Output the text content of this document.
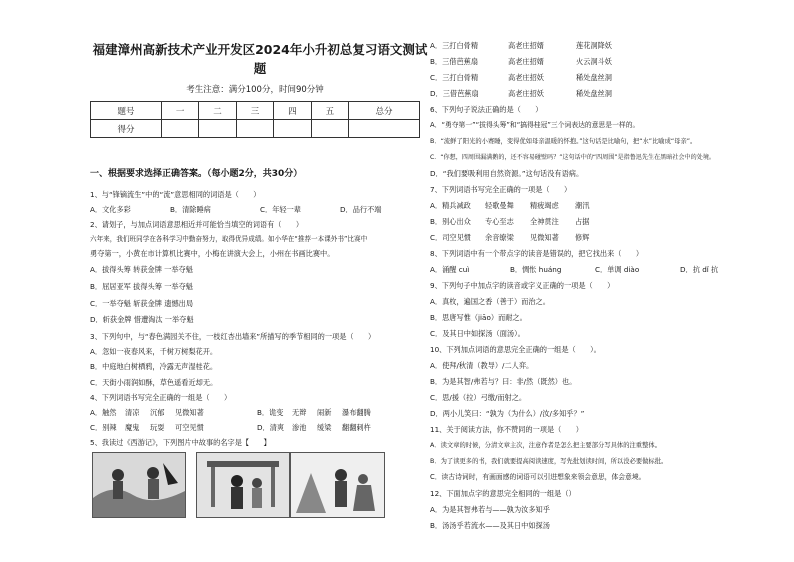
福建漳州高新技术产业开发区2024年小升初总复习语文测试
题
考生注意：满分100分，时间90分钟
题号	一	二	三	四	五	总分
得分						
一、根据要求选择正确答案。（每小题2分，共30分）
1、与“锋镝流生”中的“流”意思相同的词语是（　　）
A．文化多彩	B．清除睡病	C．年轻一辈	D．品行不端
2、请划子，与加点词语意思相近并可能恰当填空的词语有（　　）
六年来，我们班同学在各科学习中勤奋努力，取得优异成绩。如小华在“推荐一本课外书”比赛中
勇夺第一，小黄在市计算机比赛中，小梅在讲演大会上，小州在书画比赛中。
A．拔得头筹 转获金牌 一举夺魁
B．屈居亚军 拔得头筹 一举夺魁
C．一举夺魁 斩获金牌 遗憾出局
D．斩获金牌 惜遭淘汰 一举夺魁
3、下列句中，与“春色满园关不住，一枝红杏出墙来”所描写的季节相同的一项是（　　）
A．忽如一夜春风来，千树万树梨花开。
B．中庭地白树栖鸦，冷露无声湿桂花。
C．天街小雨润如酥，草色遥看近却无。
4、下列词语书写完全正确的一组是（　　）
A．触然 清凉 沉郁 见微知著	B．诡变 无辫 闹新 瀑布翻腾
C．别辣 魔鬼 玩耍 可空见惯	D．清爽 渗池 缓梁 翻翻刺杵
5、我读过《西游记》，下列图片中故事的名字是【　　】
A．三打白骨精	高老庄招婿	莲花洞降妖
B．三借芭蕉扇	高老庄招婿	火云洞斗妖
C．三打白骨精	高老庄招妖	稀处盘丝洞
D．三借芭蕉扇	高老庄招妖	稀处盘丝洞
6、下列句子说法正确的是（　　）
A．“勇夺第一”“拔得头筹”和“搞得桂冠”三个词表达的意思是一样的。
B．“流鲜了阳光的小赛睡，变得优如母亲温暖的怀抱。”这句话是比喻句，把“水”比喻成“母亲”。
C．“你想，四周围漏满鹅的，还不容易碰壁吗？”这句话中的“四周围”是指鲁迅先生在黑暗社会中的处境。
D．“我们要吸利用自然资源。”这句话没有语病。
7、下列词语书写完全正确的一项是（　　）
A．精兵减政 轻歌曼舞 精疲竭虑 潮汛
B．别心出众 专心至志 全神贯注 占据
C．司空见惯 余音缭梁 见微知著 修辉
8、下列词语中有一个带点字的读音是错误的，把它找出来（　　）
A．涌醒 cuì	B．惆怅 huáng	C．单调 diào	D．抗 dǐ 抗
9、下列句子中加点字的读音或字义正确的一项是（　　）
A．真枚，遍国之香（善于）而治之。
B．思唐写惟（jiāo）而耐之。
C．及其日中如探汤（面汤）。
10、下列加点词语的意思完全正确的一组是（　　）。
A．使拜/秋清（教导）/二人弈。
B．为是其智/弗若与？曰：非/然（既然）也。
C．思/援（拉）弓缴/而射之。
D．两小儿笑曰：“孰为（为什么）/汝/多知乎？”
11、关于阅读方法，你不赞同的一项是（　　）
A．读文章的时候，分清文章主次，注意作者是怎么把主要部分写具体的注重整体。
B．为了读更多的书，我们就要提高阅读速度，写先批划读时间，所以没必要做标批。
C．读古诗词时，有画面感的词语可以引进想象来领会意思，体会意境。
12、下面加点字的意思完全相同的一组是（）
A．为是其智弗若与——孰为汝多知乎
B．汤汤乎若流水——及其日中如探汤
